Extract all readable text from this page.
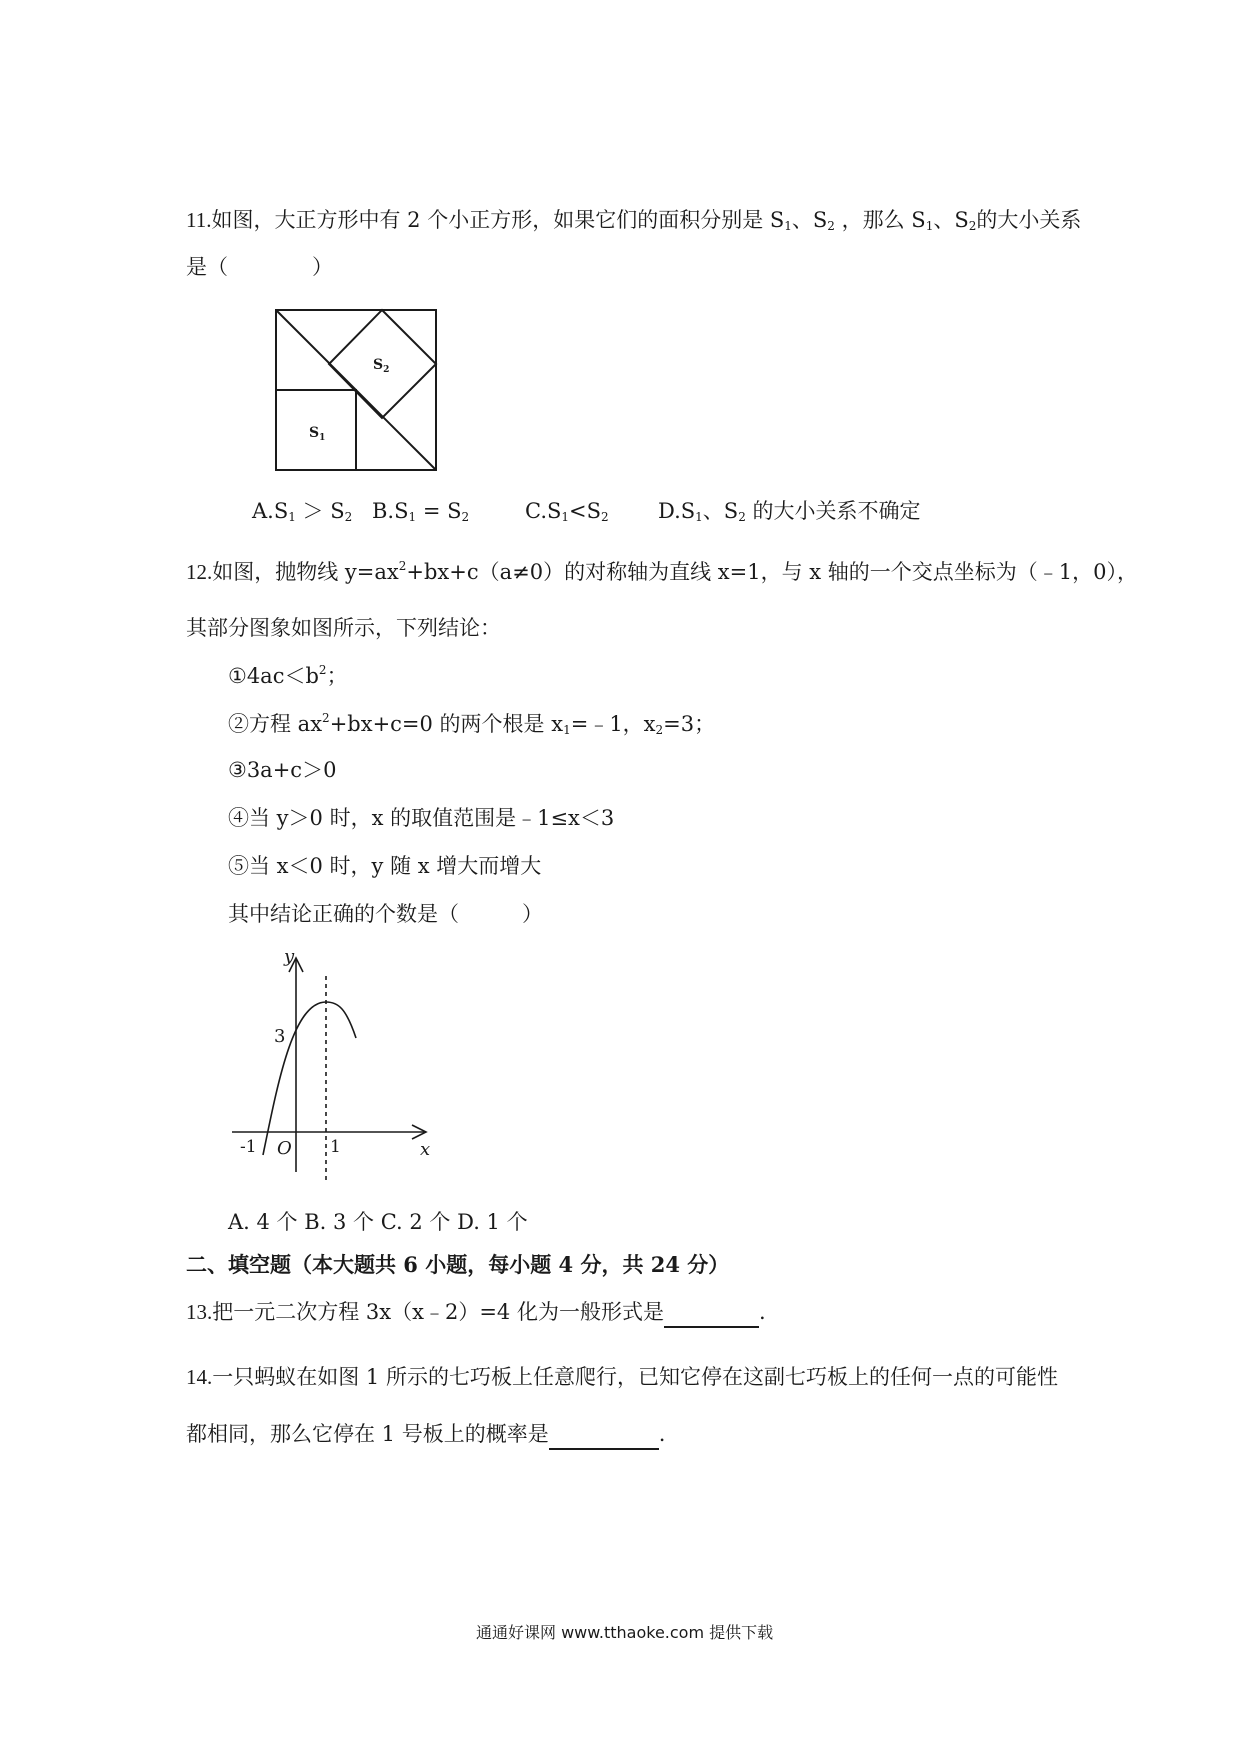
11.如图，大正方形中有 2 个小正方形，如果它们的面积分别是 $S_1$、$S_2$ ，那么 $S_1$、$S_2$的大小关系
是（　　　　）
$S_1$
$S_2$
$A.S_1 > S_2$ $B.S_1 = S_2$	$C.S_1<S_2$ $D.S_1$、$S_2$ 的大小关系不确定
12.如图，抛物线 $y=ax^2+bx+c(a\ne 0)$的对称轴为直线 x=1，与 x 轴的一个交点坐标为（﹣1，0），
其部分图象如图所示，下列结论：
$①4ac<b^2$；
②方程 $ax^2+bx+c=0$ 的两个根是 $x_1=﹣1$，$x_2=3$；
③3a+c＞0
④当 y＞0 时，x 的取值范围是﹣1≤x＜3
⑤当 x＜0 时，y 随 x 增大而增大
其中结论正确的个数是（　　　）
y
x
3
-1 O 1
A. 4 个 B. 3 个 C. 2 个 D. 1 个
二、填空题（本大题共 6 小题，每小题 4 分，共 24 分）
13.把一元二次方程 3x（x﹣2）=4 化为一般形式是	.
14.一只蚂蚁在如图 1 所示的七巧板上任意爬行，已知它停在这副七巧板上的任何一点的可能性
都相同，那么它停在 1 号板上的概率是	.
通通好课网 www.tthaoke.com 提供下载
